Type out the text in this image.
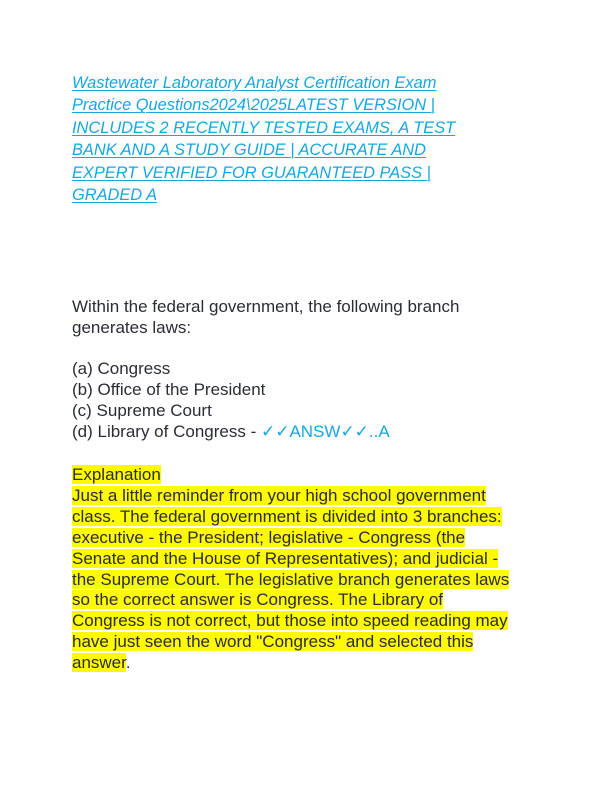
Wastewater Laboratory Analyst Certification Exam
Practice Questions2024\2025LATEST VERSION |
INCLUDES 2 RECENTLY TESTED EXAMS, A TEST
BANK AND A STUDY GUIDE | ACCURATE AND
EXPERT VERIFIED FOR GUARANTEED PASS |
GRADED A
Within the federal government, the following branch
generates laws:
(a) Congress
(b) Office of the President
(c) Supreme Court
(d) Library of Congress - ✓✓ANSW✓✓..A
Explanation
Just a little reminder from your high school government
class. The federal government is divided into 3 branches:
executive - the President; legislative - Congress (the
Senate and the House of Representatives); and judicial -
the Supreme Court. The legislative branch generates laws
so the correct answer is Congress. The Library of
Congress is not correct, but those into speed reading may
have just seen the word "Congress" and selected this
answer.
